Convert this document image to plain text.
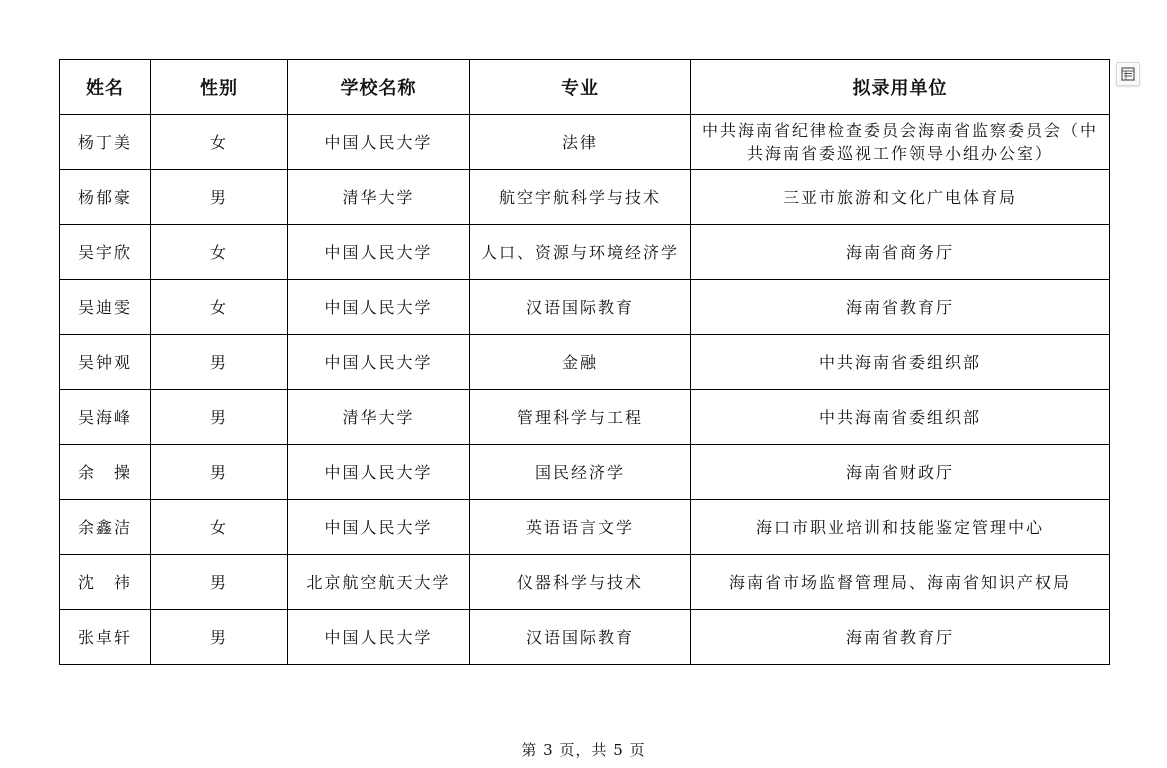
姓名	性别	学校名称	专业	拟录用单位
杨丁美	女	中国人民大学	法律	中共海南省纪律检查委员会海南省监察委员会（中共海南省委巡视工作领导小组办公室）
杨郁豪	男	清华大学	航空宇航科学与技术	三亚市旅游和文化广电体育局
吴宇欣	女	中国人民大学	人口、资源与环境经济学	海南省商务厅
吴迪雯	女	中国人民大学	汉语国际教育	海南省教育厅
吴钟观	男	中国人民大学	金融	中共海南省委组织部
吴海峰	男	清华大学	管理科学与工程	中共海南省委组织部
余　操	男	中国人民大学	国民经济学	海南省财政厅
余鑫洁	女	中国人民大学	英语语言文学	海口市职业培训和技能鉴定管理中心
沈　祎	男	北京航空航天大学	仪器科学与技术	海南省市场监督管理局、海南省知识产权局
张卓轩	男	中国人民大学	汉语国际教育	海南省教育厅
第 3 页，共 5 页
